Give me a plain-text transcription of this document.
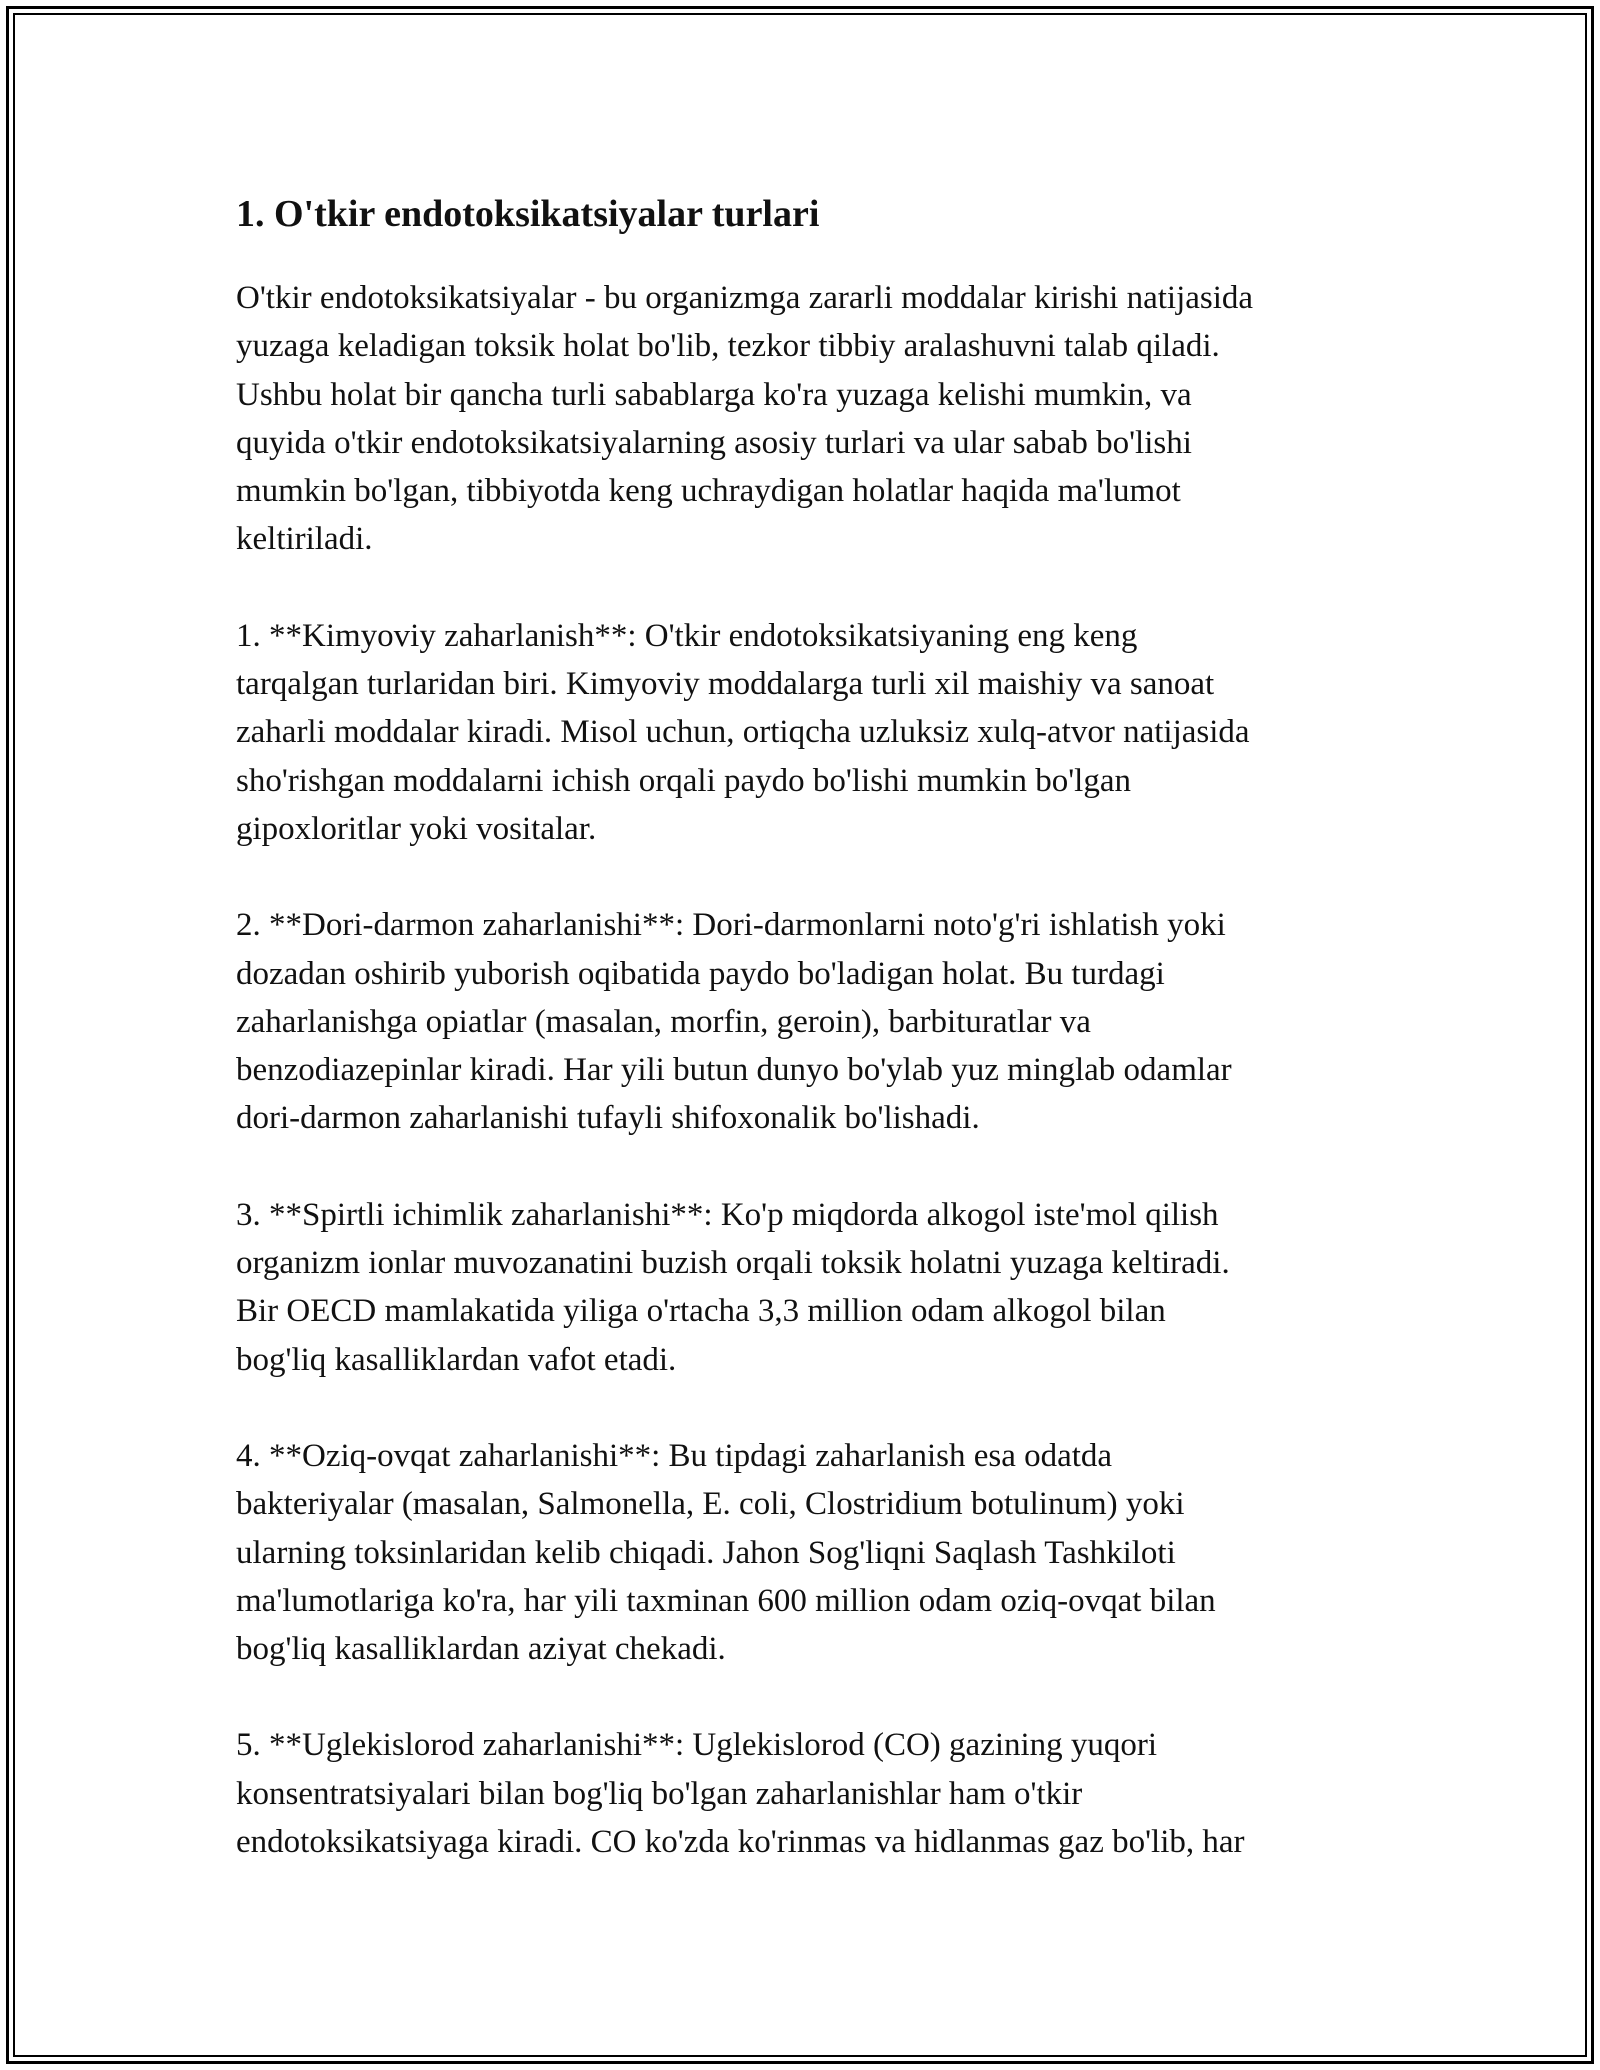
1. O'tkir endotoksikatsiyalar turlari

O'tkir endotoksikatsiyalar - bu organizmga zararli moddalar kirishi natijasida
yuzaga keladigan toksik holat bo'lib, tezkor tibbiy aralashuvni talab qiladi.
Ushbu holat bir qancha turli sabablarga ko'ra yuzaga kelishi mumkin, va
quyida o'tkir endotoksikatsiyalarning asosiy turlari va ular sabab bo'lishi
mumkin bo'lgan, tibbiyotda keng uchraydigan holatlar haqida ma'lumot
keltiriladi.

1. **Kimyoviy zaharlanish**: O'tkir endotoksikatsiyaning eng keng
tarqalgan turlaridan biri. Kimyoviy moddalarga turli xil maishiy va sanoat
zaharli moddalar kiradi. Misol uchun, ortiqcha uzluksiz xulq-atvor natijasida
sho'rishgan moddalarni ichish orqali paydo bo'lishi mumkin bo'lgan
gipoxloritlar yoki vositalar.

2. **Dori-darmon zaharlanishi**: Dori-darmonlarni noto'g'ri ishlatish yoki
dozadan oshirib yuborish oqibatida paydo bo'ladigan holat. Bu turdagi
zaharlanishga opiatlar (masalan, morfin, geroin), barbituratlar va
benzodiazepinlar kiradi. Har yili butun dunyo bo'ylab yuz minglab odamlar
dori-darmon zaharlanishi tufayli shifoxonalik bo'lishadi.

3. **Spirtli ichimlik zaharlanishi**: Ko'p miqdorda alkogol iste'mol qilish
organizm ionlar muvozanatini buzish orqali toksik holatni yuzaga keltiradi.
Bir OECD mamlakatida yiliga o'rtacha 3,3 million odam alkogol bilan
bog'liq kasalliklardan vafot etadi.

4. **Oziq-ovqat zaharlanishi**: Bu tipdagi zaharlanish esa odatda
bakteriyalar (masalan, Salmonella, E. coli, Clostridium botulinum) yoki
ularning toksinlaridan kelib chiqadi. Jahon Sog'liqni Saqlash Tashkiloti
ma'lumotlariga ko'ra, har yili taxminan 600 million odam oziq-ovqat bilan
bog'liq kasalliklardan aziyat chekadi.

5. **Uglekislorod zaharlanishi**: Uglekislorod (CO) gazining yuqori
konsentratsiyalari bilan bog'liq bo'lgan zaharlanishlar ham o'tkir
endotoksikatsiyaga kiradi. CO ko'zda ko'rinmas va hidlanmas gaz bo'lib, har
